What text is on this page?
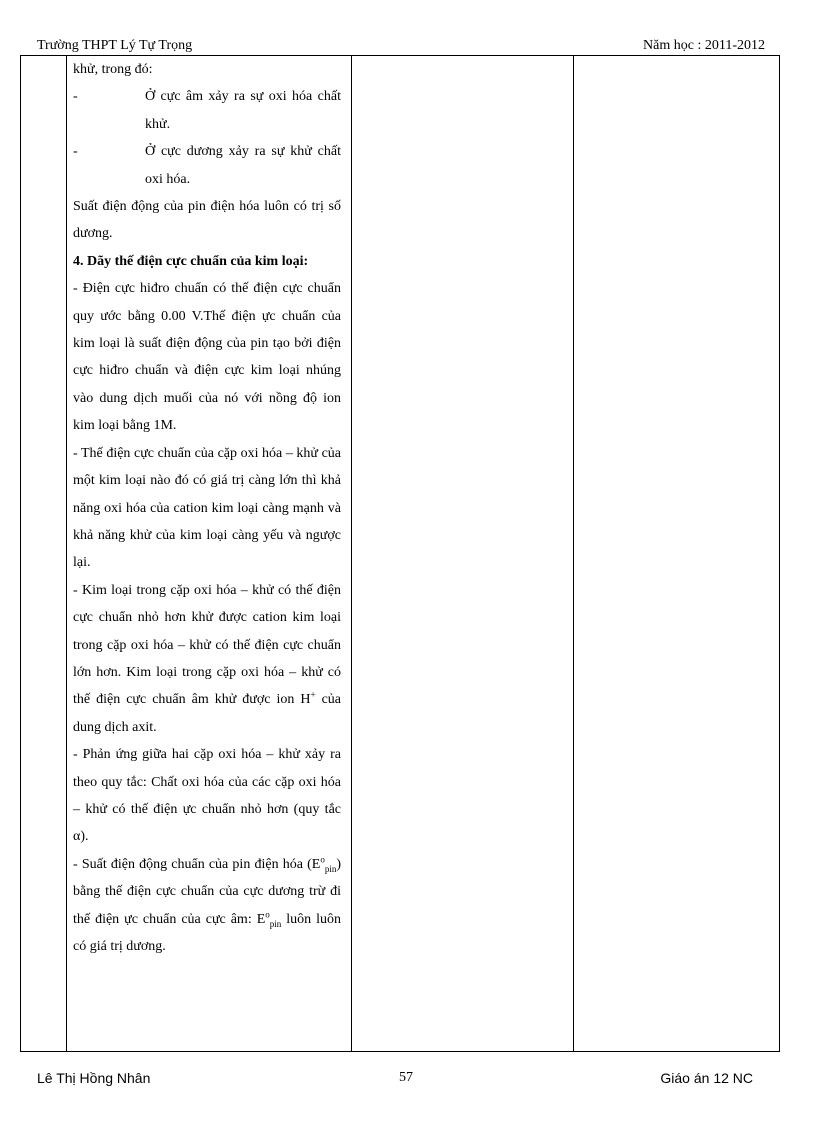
Trường THPT Lý Tự Trọng	Năm học : 2011-2012

khử, trong đó:

-	Ở cực âm xảy ra sự oxi hóa chất khử.
-	Ở cực dương xảy ra sự khử chất oxi hóa.

Suất điện động của pin điện hóa luôn có trị số dương.

4. Dãy thế điện cực chuẩn của kim loại:

- Điện cực hiđro chuẩn có thế điện cực chuẩn quy ước bằng 0.00 V.Thế điện ực chuẩn của kim loại là suất điện động của pin tạo bởi điện cực hiđro chuẩn và điện cực kim loại nhúng vào dung dịch muối của nó với nồng độ ion kim loại bằng 1M.

- Thế điện cực chuẩn của cặp oxi hóa – khử của một kim loại nào đó có giá trị càng lớn thì khả năng oxi hóa của cation kim loại càng mạnh và khả năng khử của kim loại càng yếu và ngược lại.

- Kim loại trong cặp oxi hóa – khử có thế điện cực chuẩn nhỏ hơn khử được cation kim loại trong cặp oxi hóa – khử có thế điện cực chuẩn lớn hơn. Kim loại trong cặp oxi hóa – khử có thế điện cực chuẩn âm khử được ion H+ của dung dịch axit.

- Phản ứng giữa hai cặp oxi hóa – khử xảy ra theo quy tắc: Chất oxi hóa của các cặp oxi hóa – khử có thế điện ực chuẩn nhỏ hơn (quy tắc α).

- Suất điện động chuẩn của pin điện hóa $(E^o_{pin})$ bằng thế điện cực chuẩn của cực dương trừ đi thế điện ực chuẩn của cực âm: $E^o_{pin}$ luôn luôn có giá trị dương.

Lê Thị Hồng Nhân	57	Giáo án 12 NC
